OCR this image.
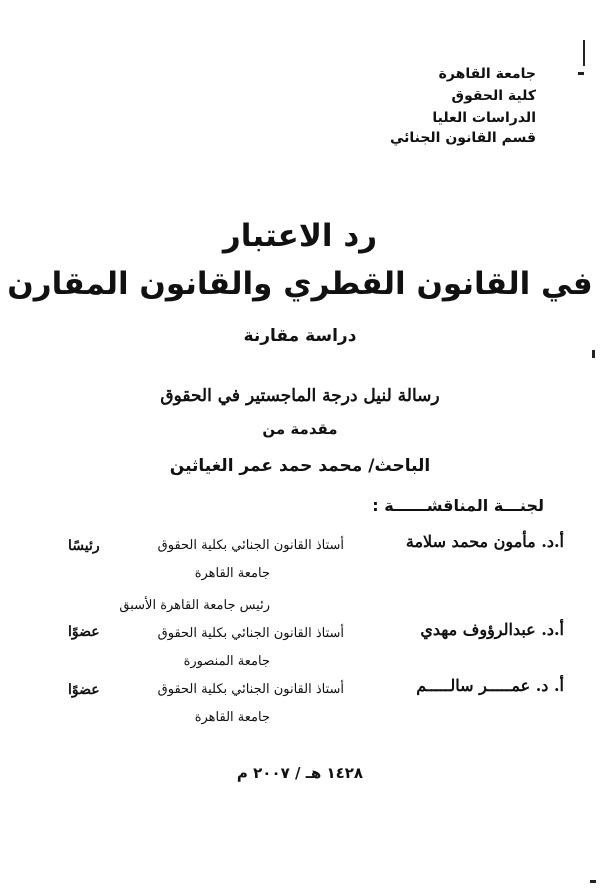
جامعة القاهرة
كلية الحقوق
الدراسات العليا
قسم القانون الجنائي
رد الاعتبار
في القانون القطري والقانون المقارن
دراسة مقارنة
رسالة لنيل درجة الماجستير في الحقوق
مقدمة من
الباحث/ محمد حمد عمر الغياثين
لجنـــة المناقشــــــة :
أ.د. مأمون محمد سلامة
أستاذ القانون الجنائي بكلية الحقوق
جامعة القاهرة
رئيس جامعة القاهرة الأسبق
رئيسًا
أ.د. عبدالرؤوف مهدي
أستاذ القانون الجنائي بكلية الحقوق
جامعة المنصورة
عضوًا
أ. د. عمـــــر سالـــــم
أستاذ القانون الجنائي بكلية الحقوق
جامعة القاهرة
عضوًا
١٤٢٨ هـ / ٢٠٠٧ م
